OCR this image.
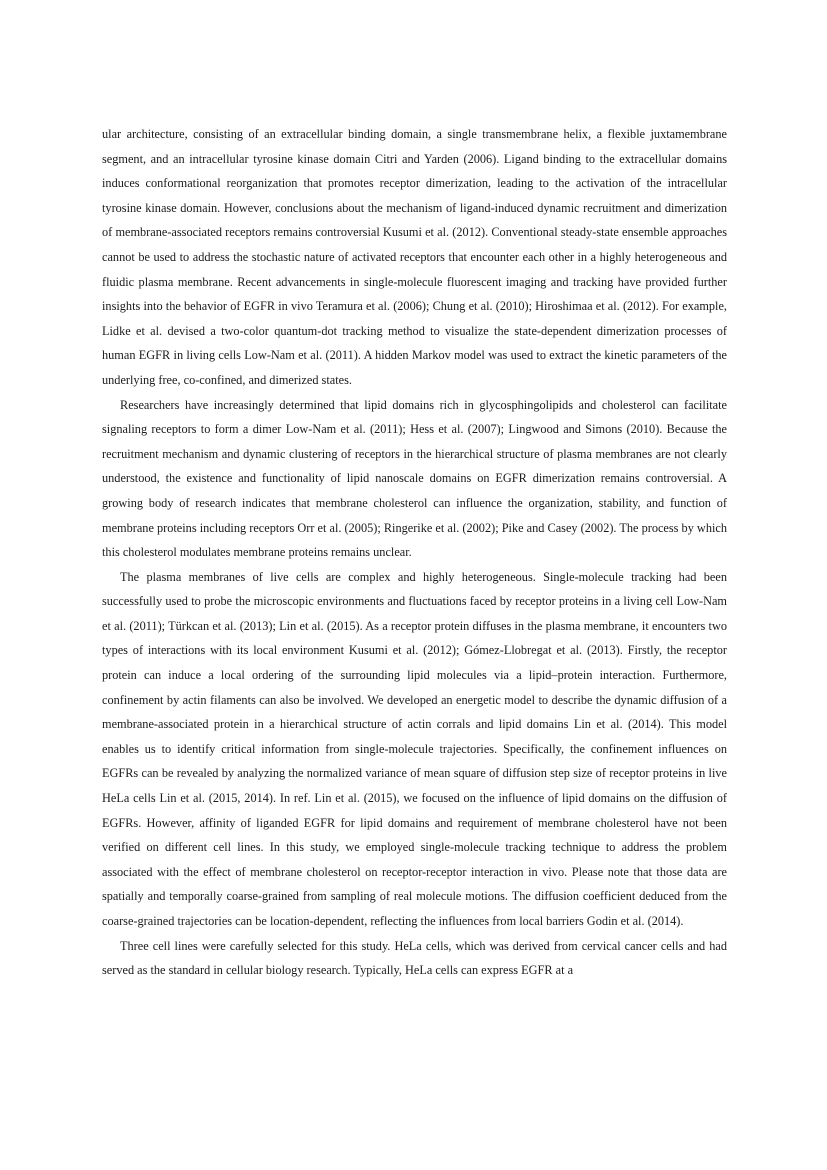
ular architecture, consisting of an extracellular binding domain, a single transmembrane helix, a flexible juxtamembrane segment, and an intracellular tyrosine kinase domain Citri and Yarden (2006). Ligand binding to the extracellular domains induces conformational reorganization that promotes receptor dimerization, leading to the activation of the intracellular tyrosine kinase domain. However, conclusions about the mechanism of ligand-induced dynamic recruitment and dimerization of membrane-associated receptors remains controversial Kusumi et al. (2012). Conventional steady-state ensemble approaches cannot be used to address the stochastic nature of activated receptors that encounter each other in a highly heterogeneous and fluidic plasma membrane. Recent advancements in single-molecule fluorescent imaging and tracking have provided further insights into the behavior of EGFR in vivo Teramura et al. (2006); Chung et al. (2010); Hiroshimaa et al. (2012). For example, Lidke et al. devised a two-color quantum-dot tracking method to visualize the state-dependent dimerization processes of human EGFR in living cells Low-Nam et al. (2011). A hidden Markov model was used to extract the kinetic parameters of the underlying free, co-confined, and dimerized states.

Researchers have increasingly determined that lipid domains rich in glycosphingolipids and cholesterol can facilitate signaling receptors to form a dimer Low-Nam et al. (2011); Hess et al. (2007); Lingwood and Simons (2010). Because the recruitment mechanism and dynamic clustering of receptors in the hierarchical structure of plasma membranes are not clearly understood, the existence and functionality of lipid nanoscale domains on EGFR dimerization remains controversial. A growing body of research indicates that membrane cholesterol can influence the organization, stability, and function of membrane proteins including receptors Orr et al. (2005); Ringerike et al. (2002); Pike and Casey (2002). The process by which this cholesterol modulates membrane proteins remains unclear.

The plasma membranes of live cells are complex and highly heterogeneous. Single-molecule tracking had been successfully used to probe the microscopic environments and fluctuations faced by receptor proteins in a living cell Low-Nam et al. (2011); Türkcan et al. (2013); Lin et al. (2015). As a receptor protein diffuses in the plasma membrane, it encounters two types of interactions with its local environment Kusumi et al. (2012); Gómez-Llobregat et al. (2013). Firstly, the receptor protein can induce a local ordering of the surrounding lipid molecules via a lipid–protein interaction. Furthermore, confinement by actin filaments can also be involved. We developed an energetic model to describe the dynamic diffusion of a membrane-associated protein in a hierarchical structure of actin corrals and lipid domains Lin et al. (2014). This model enables us to identify critical information from single-molecule trajectories. Specifically, the confinement influences on EGFRs can be revealed by analyzing the normalized variance of mean square of diffusion step size of receptor proteins in live HeLa cells Lin et al. (2015, 2014). In ref. Lin et al. (2015), we focused on the influence of lipid domains on the diffusion of EGFRs. However, affinity of liganded EGFR for lipid domains and requirement of membrane cholesterol have not been verified on different cell lines. In this study, we employed single-molecule tracking technique to address the problem associated with the effect of membrane cholesterol on receptor-receptor interaction in vivo. Please note that those data are spatially and temporally coarse-grained from sampling of real molecule motions. The diffusion coefficient deduced from the coarse-grained trajectories can be location-dependent, reflecting the influences from local barriers Godin et al. (2014).

Three cell lines were carefully selected for this study. HeLa cells, which was derived from cervical cancer cells and had served as the standard in cellular biology research. Typically, HeLa cells can express EGFR at a
